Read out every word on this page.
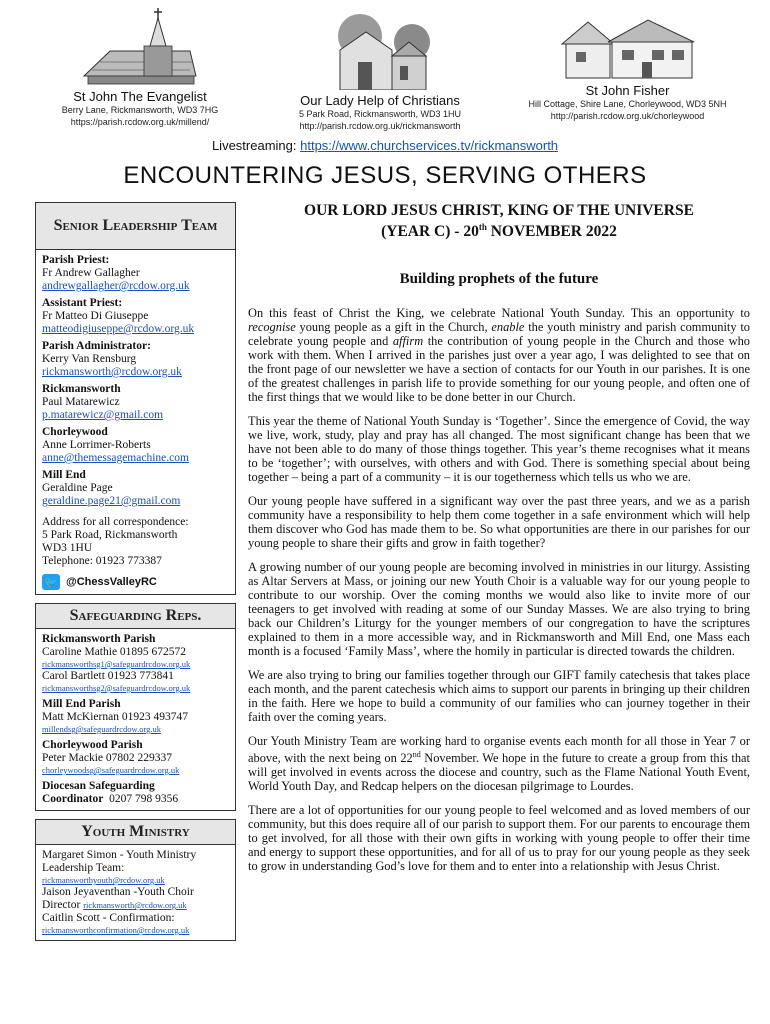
St John The Evangelist
Berry Lane, Rickmansworth, WD3 7HG
https://parish.rcdow.org.uk/millend/
Our Lady Help of Christians
5 Park Road, Rickmansworth, WD3 1HU
http://parish.rcdow.org.uk/rickmansworth
St John Fisher
Hill Cottage, Shire Lane, Chorleywood, WD3 5NH
http://parish.rcdow.org.uk/chorleywood
Livestreaming: https://www.churchservices.tv/rickmansworth
ENCOUNTERING JESUS, SERVING OTHERS
Senior Leadership Team
Parish Priest:
Fr Andrew Gallagher
andrewgallagher@rcdow.org.uk
Assistant Priest:
Fr Matteo Di Giuseppe
matteodigiuseppe@rcdow.org.uk
Parish Administrator:
Kerry Van Rensburg
rickmansworth@rcdow.org.uk
Rickmansworth
Paul Matarewicz
p.matarewicz@gmail.com
Chorleywood
Anne Lorrimer-Roberts
anne@themessagemachine.com
Mill End
Geraldine Page
geraldine.page21@gmail.com
Address for all correspondence:
5 Park Road, Rickmansworth
WD3 1HU
Telephone: 01923 773387
🐦 @ChessValleyRC
Safeguarding Reps.
Rickmansworth Parish
Caroline Mathie 01895 672572
rickmansworthsg1@safeguardrcdow.org.uk
Carol Bartlett 01923 773841
rickmansworthsg2@safeguardrcdow.org.uk
Mill End Parish
Matt McKiernan 01923 493747
millendsg@safeguardrcdow.org.uk
Chorleywood Parish
Peter Mackie 07802 229337
chorleywoodsg@safeguardrcdow.org.uk
Diocesan Safeguarding
Coordinator 0207 798 9356
Youth Ministry
Margaret Simon - Youth Ministry
Leadership Team:
rickmansworthyouth@rcdow.org.uk
Jaison Jeyaventhan -Youth Choir
Director rickmansworth@rcdow.org.uk
Caitlin Scott - Confirmation:
rickmansworthconfirmation@rcdow.org.uk
OUR LORD JESUS CHRIST, KING OF THE UNIVERSE
(YEAR C) - 20th NOVEMBER 2022
Building prophets of the future

On this feast of Christ the King, we celebrate National Youth Sunday. This an opportunity to recognise young people as a gift in the Church, enable the youth ministry and parish community to celebrate young people and affirm the contribution of young people in the Church and those who work with them. When I arrived in the parishes just over a year ago, I was delighted to see that on the front page of our newsletter we have a section of contacts for our Youth in our parishes. It is one of the greatest challenges in parish life to provide something for our young people, and often one of the first things that we would like to be done better in our Church.

This year the theme of National Youth Sunday is ‘Together’. Since the emergence of Covid, the way we live, work, study, play and pray has all changed. The most significant change has been that we have not been able to do many of those things together. This year’s theme recognises what it means to be ‘together’; with ourselves, with others and with God. There is something special about being together – being a part of a community – it is our togetherness which tells us who we are.

Our young people have suffered in a significant way over the past three years, and we as a parish community have a responsibility to help them come together in a safe environment which will help them discover who God has made them to be. So what opportunities are there in our parishes for our young people to share their gifts and grow in faith together?

A growing number of our young people are becoming involved in ministries in our liturgy. Assisting as Altar Servers at Mass, or joining our new Youth Choir is a valuable way for our young people to contribute to our worship. Over the coming months we would also like to invite more of our teenagers to get involved with reading at some of our Sunday Masses. We are also trying to bring back our Children’s Liturgy for the younger members of our congregation to have the scriptures explained to them in a more accessible way, and in Rickmansworth and Mill End, one Mass each month is a focused ‘Family Mass’, where the homily in particular is directed towards the children.

We are also trying to bring our families together through our GIFT family catechesis that takes place each month, and the parent catechesis which aims to support our parents in bringing up their children in the faith. Here we hope to build a community of our families who can journey together in their faith over the coming years.

Our Youth Ministry Team are working hard to organise events each month for all those in Year 7 or above, with the next being on 22nd November. We hope in the future to create a group from this that will get involved in events across the diocese and country, such as the Flame National Youth Event, World Youth Day, and Redcap helpers on the diocesan pilgrimage to Lourdes.

There are a lot of opportunities for our young people to feel welcomed and as loved members of our community, but this does require all of our parish to support them. For our parents to encourage them to get involved, for all those with their own gifts in working with young people to offer their time and energy to support these opportunities, and for all of us to pray for our young people as they seek to grow in understanding God’s love for them and to enter into a relationship with Jesus Christ.
